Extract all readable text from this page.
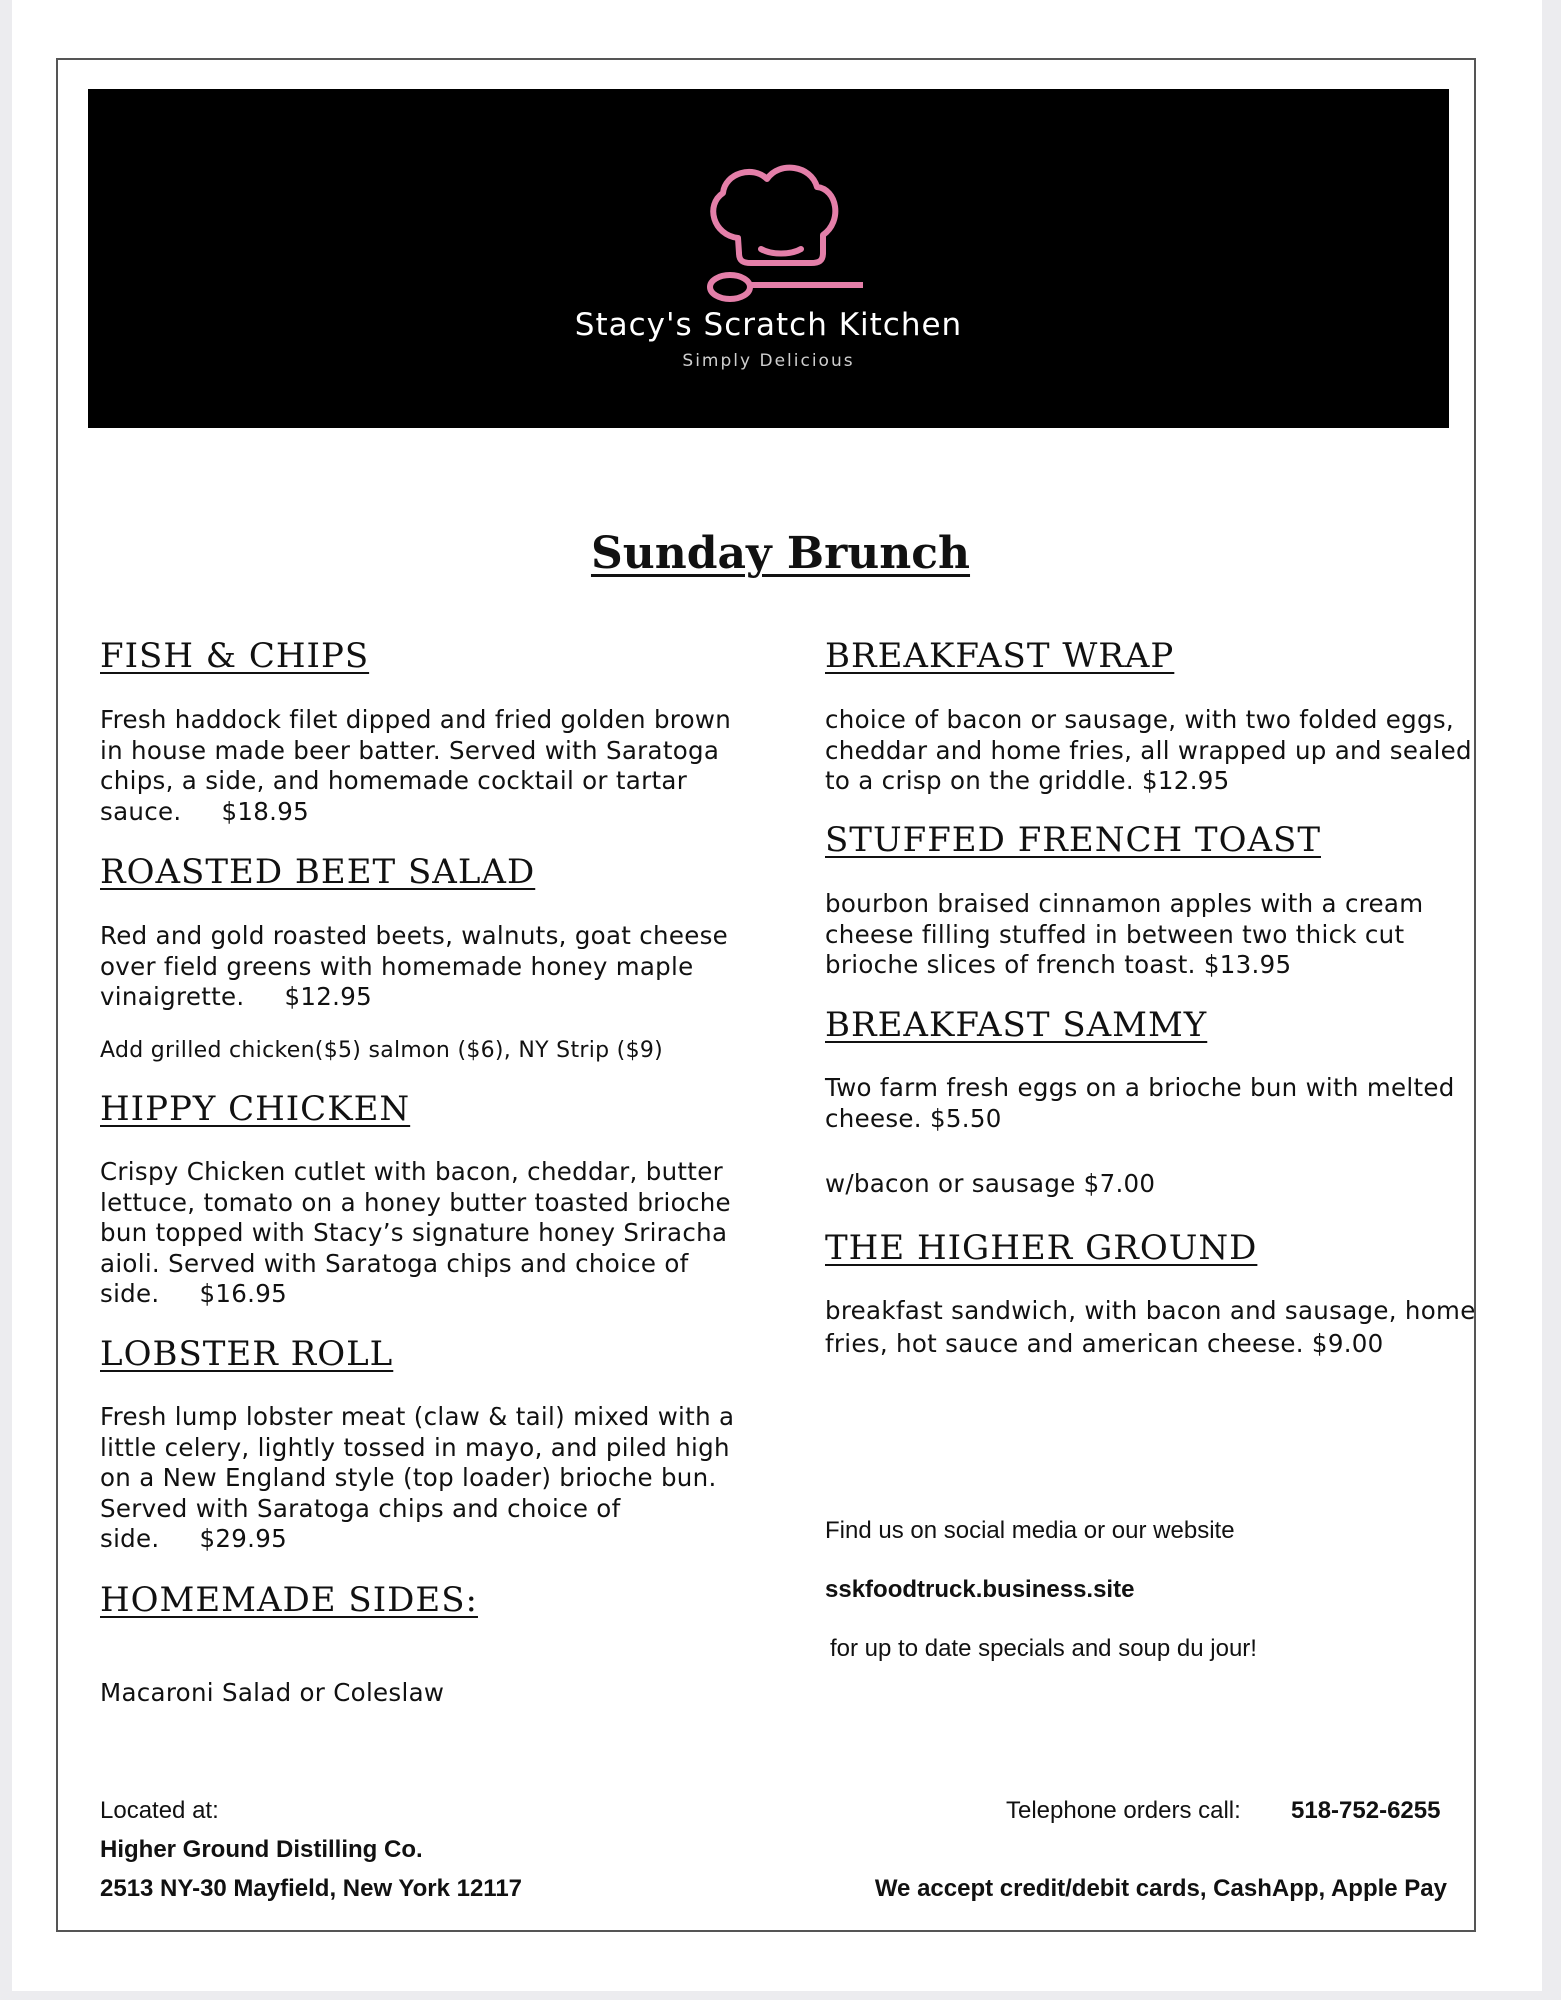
Stacy's Scratch Kitchen
Simply Delicious
Sunday Brunch
FISH & CHIPS
Fresh haddock filet dipped and fried golden brown in house made beer batter. Served with Saratoga chips, a side, and homemade cocktail or tartar sauce. $18.95
ROASTED BEET SALAD
Red and gold roasted beets, walnuts, goat cheese over field greens with homemade honey maple vinaigrette. $12.95
Add grilled chicken($5) salmon ($6), NY Strip ($9)
HIPPY CHICKEN
Crispy Chicken cutlet with bacon, cheddar, butter lettuce, tomato on a honey butter toasted brioche bun topped with Stacy’s signature honey Sriracha aioli. Served with Saratoga chips and choice of side. $16.95
LOBSTER ROLL
Fresh lump lobster meat (claw & tail) mixed with a little celery, lightly tossed in mayo, and piled high on a New England style (top loader) brioche bun. Served with Saratoga chips and choice of side. $29.95
HOMEMADE SIDES:
Macaroni Salad or Coleslaw
BREAKFAST WRAP
choice of bacon or sausage, with two folded eggs, cheddar and home fries, all wrapped up and sealed to a crisp on the griddle. $12.95
STUFFED FRENCH TOAST
bourbon braised cinnamon apples with a cream cheese filling stuffed in between two thick cut brioche slices of french toast. $13.95
BREAKFAST SAMMY
Two farm fresh eggs on a brioche bun with melted cheese. $5.50
w/bacon or sausage $7.00
THE HIGHER GROUND
breakfast sandwich, with bacon and sausage, home fries, hot sauce and american cheese. $9.00
Find us on social media or our website
sskfoodtruck.business.site
for up to date specials and soup du jour!
Located at:
Higher Ground Distilling Co.
2513 NY-30 Mayfield, New York 12117
Telephone orders call: 518-752-6255
We accept credit/debit cards, CashApp, Apple Pay
